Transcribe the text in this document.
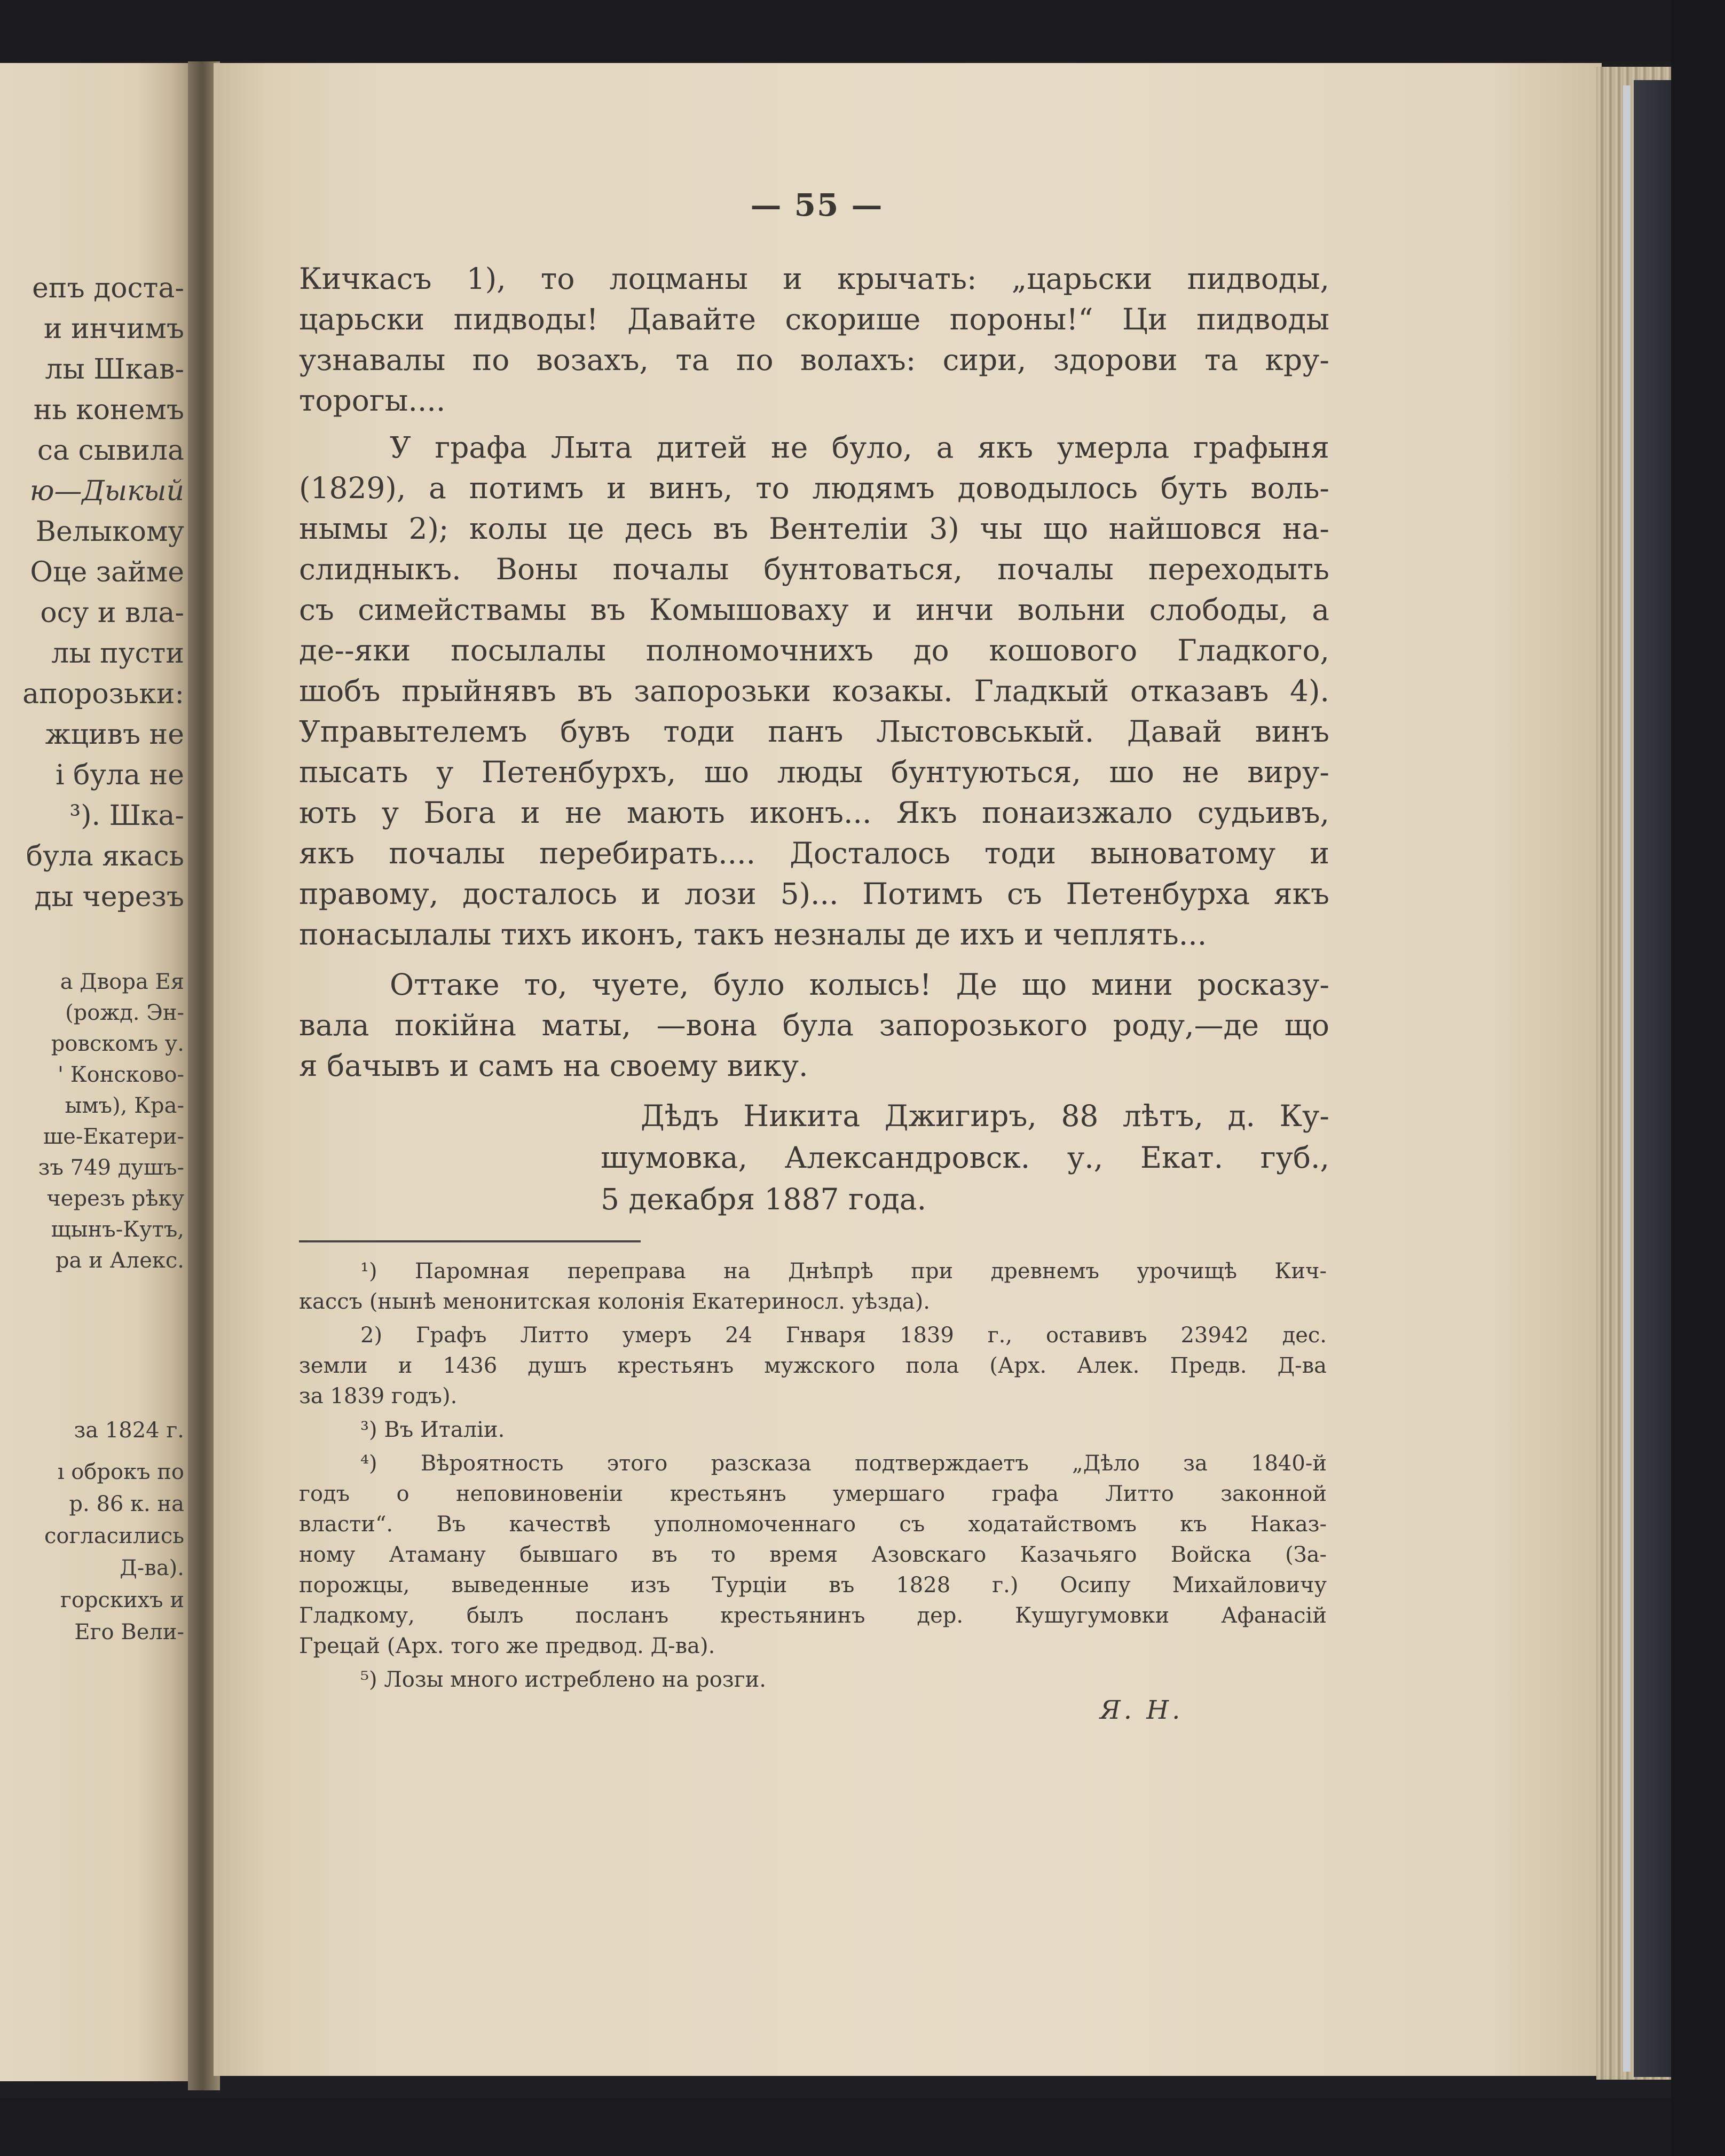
епъ доста-
и инчимъ
лы Шкав-
нь конемъ
са сывила
ю—Дыкый
Велыкому
Оце займе
осу и вла-
лы пусти
апорозьки:
жцивъ не
і була не
³). Шка-
була якась
ды черезъ
а Двора Ея
(рожд. Эн-
ровскомъ у.
' Консково-
ымъ), Кра-
ше-Екатери-
зъ 749 душъ-
черезъ рѣку
щынъ-Кутъ,
ра и Алекс.
за 1824 г.
ı оброкъ по
р. 86 к. на
согласились
Д-ва).
горскихъ и
Его Вели-
— 55 —
Кичкасъ 1), то лоцманы и крычать: „царьски пидводы,
царьски пидводы! Давайте скорише пороны!“ Ци пидводы
узнавалы по возахъ, та по волахъ: сири, здорови та кру-
торогы....
У графа Лыта дитей не було, а якъ умерла графыня
(1829), а потимъ и винъ, то людямъ доводылось буть воль-
нымы 2); колы це десь въ Вентеліи 3) чы що найшовся на-
слидныкъ. Воны почалы бунтоваться, почалы переходыть
съ симействамы въ Комышоваху и инчи вольни слободы, а
де--яки посылалы полномочнихъ до кошового Гладкого,
шобъ прыйнявъ въ запорозьки козакы. Гладкый отказавъ 4).
Управытелемъ бувъ тоди панъ Лыстовськый. Давай винъ
пысать у Петенбурхъ, шо люды бунтуються, шо не виру-
ють у Бога и не мають иконъ... Якъ понаизжало судьивъ,
якъ почалы перебирать.... Досталось тоди выноватому и
правому, досталось и лози 5)... Потимъ съ Петенбурха якъ
понасылалы тихъ иконъ, такъ незналы де ихъ и чеплять...
Оттаке то, чуете, було колысь! Де що мини росказу-
вала покійна маты, —вона була запорозького роду,—де що
я бачывъ и самъ на своему вику.
Дѣдъ Никита Джигиръ, 88 лѣтъ, д. Ку-
шумовка, Александровск. у., Екат. губ.,
5 декабря 1887 года.
¹) Паромная переправа на Днѣпрѣ при древнемъ урочищѣ Кич-
кассъ (нынѣ менонитская колонія Екатериносл. уѣзда).
2) Графъ Литто умеръ 24 Гнваря 1839 г., оставивъ 23942 дес.
земли и 1436 душъ крестьянъ мужского пола (Арх. Алек. Предв. Д-ва
за 1839 годъ).
³) Въ Италіи.
⁴) Вѣроятность этого разсказа подтверждаетъ „Дѣло за 1840-й
годъ о неповиновеніи крестьянъ умершаго графа Литто законной
власти“. Въ качествѣ уполномоченнаго съ ходатайствомъ къ Наказ-
ному Атаману бывшаго въ то время Азовскаго Казачьяго Войска (За-
порожцы, выведенные изъ Турціи въ 1828 г.) Осипу Михайловичу
Гладкому, былъ посланъ крестьянинъ дер. Кушугумовки Афанасій
Грецай (Арх. того же предвод. Д-ва).
⁵) Лозы много истреблено на розги.
Я. Н.
